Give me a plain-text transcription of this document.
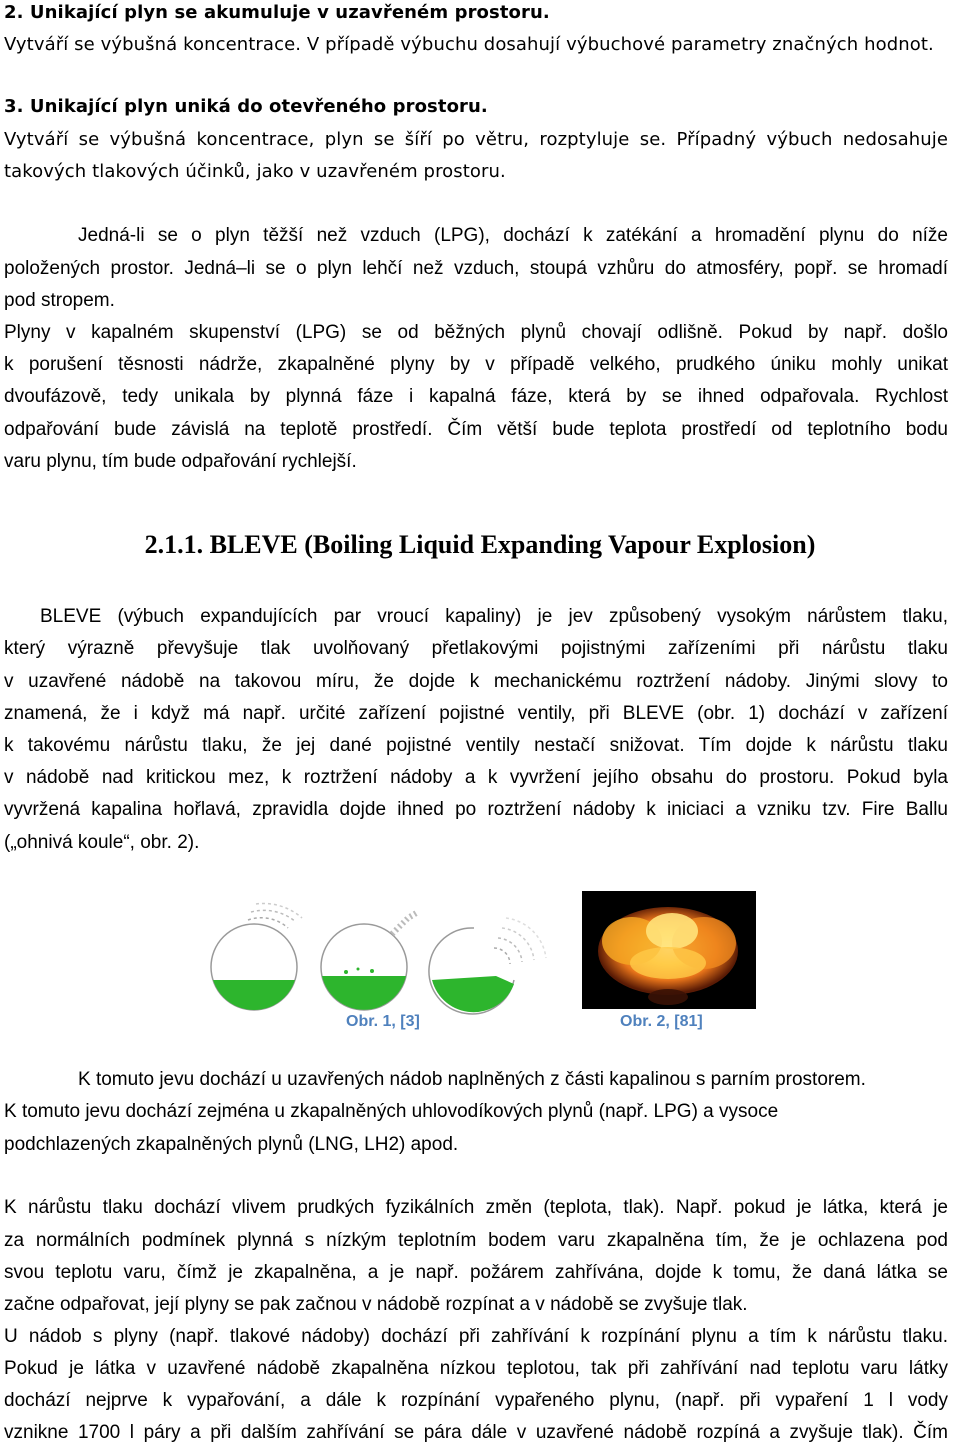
2. Unikající plyn se akumuluje v uzavřeném prostoru.
Vytváří se výbušná koncentrace. V případě výbuchu dosahují výbuchové parametry značných hodnot.
3. Unikající plyn uniká do otevřeného prostoru.
Vytváří se výbušná koncentrace, plyn se šíří po větru, rozptyluje se. Případný výbuch nedosahuje
takových tlakových účinků, jako v uzavřeném prostoru.
Jedná-li se o plyn těžší než vzduch (LPG), dochází k zatékání a hromadění plynu do níže
položených prostor. Jedná–li se o plyn lehčí než vzduch, stoupá vzhůru do atmosféry, popř. se hromadí
pod stropem.
Plyny v kapalném skupenství (LPG) se od běžných plynů chovají odlišně. Pokud by např. došlo
k porušení těsnosti nádrže, zkapalněné plyny by v případě velkého, prudkého úniku mohly unikat
dvoufázově, tedy unikala by plynná fáze i kapalná fáze, která by se ihned odpařovala. Rychlost
odpařování bude závislá na teplotě prostředí. Čím větší bude teplota prostředí od teplotního bodu
varu plynu, tím bude odpařování rychlejší.
2.1.1. BLEVE (Boiling Liquid Expanding Vapour Explosion)
BLEVE (výbuch expandujících par vroucí kapaliny) je jev způsobený vysokým nárůstem tlaku,
který výrazně převyšuje tlak uvolňovaný přetlakovými pojistnými zařízeními při nárůstu tlaku
v uzavřené nádobě na takovou míru, že dojde k mechanickému roztržení nádoby. Jinými slovy to
znamená, že i když má např. určité zařízení pojistné ventily, při BLEVE (obr. 1) dochází v zařízení
k takovému nárůstu tlaku, že jej dané pojistné ventily nestačí snižovat. Tím dojde k nárůstu tlaku
v nádobě nad kritickou mez, k roztržení nádoby a k vyvržení jejího obsahu do prostoru. Pokud byla
vyvržená kapalina hořlavá, zpravidla dojde ihned po roztržení nádoby k iniciaci a vzniku tzv. Fire Ballu
(„ohnivá koule“, obr. 2).
Obr. 1, [3]	Obr. 2, [81]
K tomuto jevu dochází u uzavřených nádob naplněných z části kapalinou s parním prostorem.
K tomuto jevu dochází zejména u zkapalněných uhlovodíkových plynů (např. LPG) a vysoce
podchlazených zkapalněných plynů (LNG, LH2) apod.
K nárůstu tlaku dochází vlivem prudkých fyzikálních změn (teplota, tlak). Např. pokud je látka, která je
za normálních podmínek plynná s nízkým teplotním bodem varu zkapalněna tím, že je ochlazena pod
svou teplotu varu, čímž je zkapalněna, a je např. požárem zahřívána, dojde k tomu, že daná látka se
začne odpařovat, její plyny se pak začnou v nádobě rozpínat a v nádobě se zvyšuje tlak.
U nádob s plyny (např. tlakové nádoby) dochází při zahřívání k rozpínání plynu a tím k nárůstu tlaku.
Pokud je látka v uzavřené nádobě zkapalněna nízkou teplotou, tak při zahřívání nad teplotu varu látky
dochází nejprve k vypařování, a dále k rozpínání vypařeného plynu, (např. při vypaření 1 l vody
vznikne 1700 l páry a při dalším zahřívání se pára dále v uzavřené nádobě rozpíná a zvyšuje tlak). Čím
